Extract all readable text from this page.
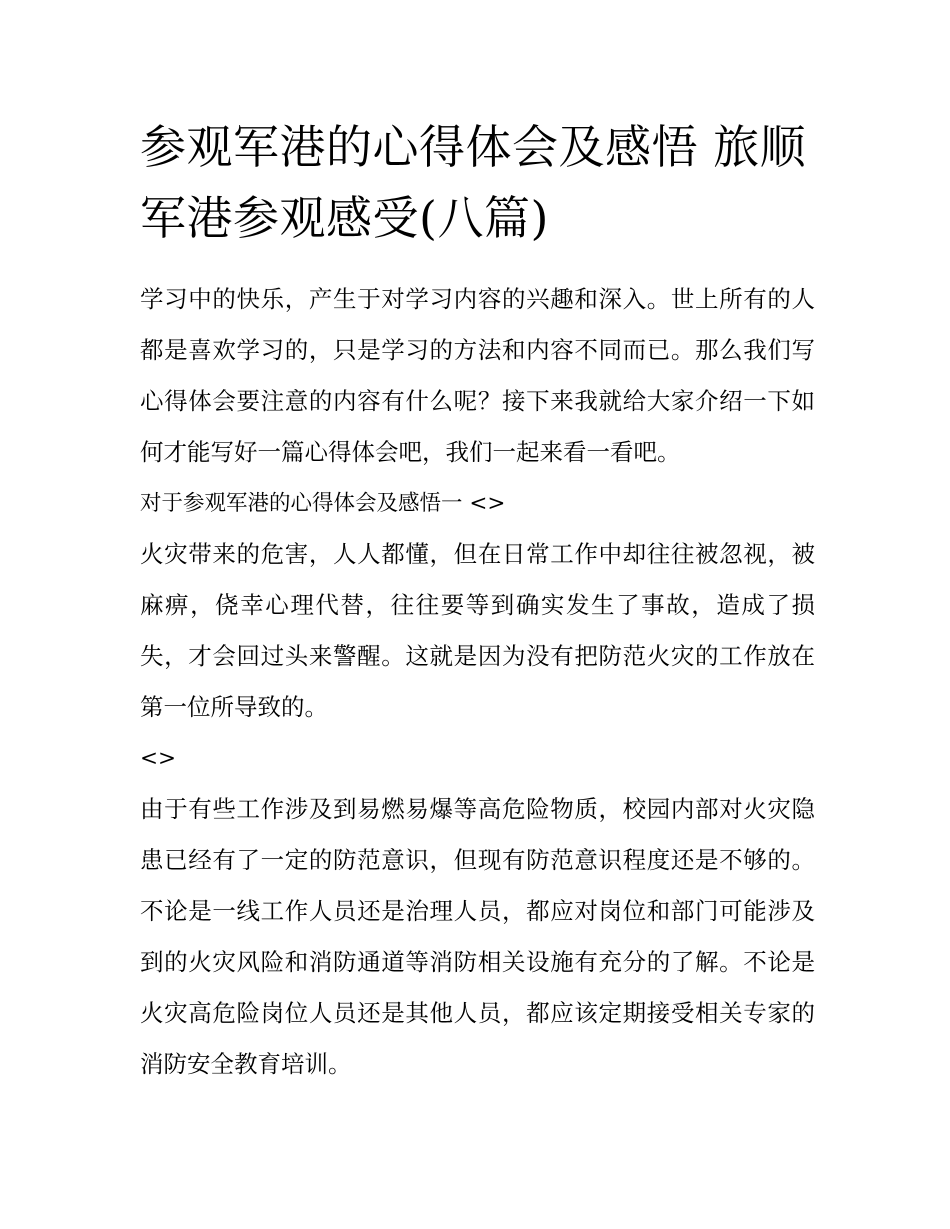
参观军港的心得体会及感悟 旅顺军港参观感受(八篇)

学习中的快乐，产生于对学习内容的兴趣和深入。世上所有的人都是喜欢学习的，只是学习的方法和内容不同而已。那么我们写心得体会要注意的内容有什么呢？接下来我就给大家介绍一下如何才能写好一篇心得体会吧，我们一起来看一看吧。

对于参观军港的心得体会及感悟一 <>

火灾带来的危害，人人都懂，但在日常工作中却往往被忽视，被麻痹，侥幸心理代替，往往要等到确实发生了事故，造成了损失，才会回过头来警醒。这就是因为没有把防范火灾的工作放在第一位所导致的。

<>

由于有些工作涉及到易燃易爆等高危险物质，校园内部对火灾隐患已经有了一定的防范意识，但现有防范意识程度还是不够的。不论是一线工作人员还是治理人员，都应对岗位和部门可能涉及到的火灾风险和消防通道等消防相关设施有充分的了解。不论是火灾高危险岗位人员还是其他人员，都应该定期接受相关专家的消防安全教育培训。
